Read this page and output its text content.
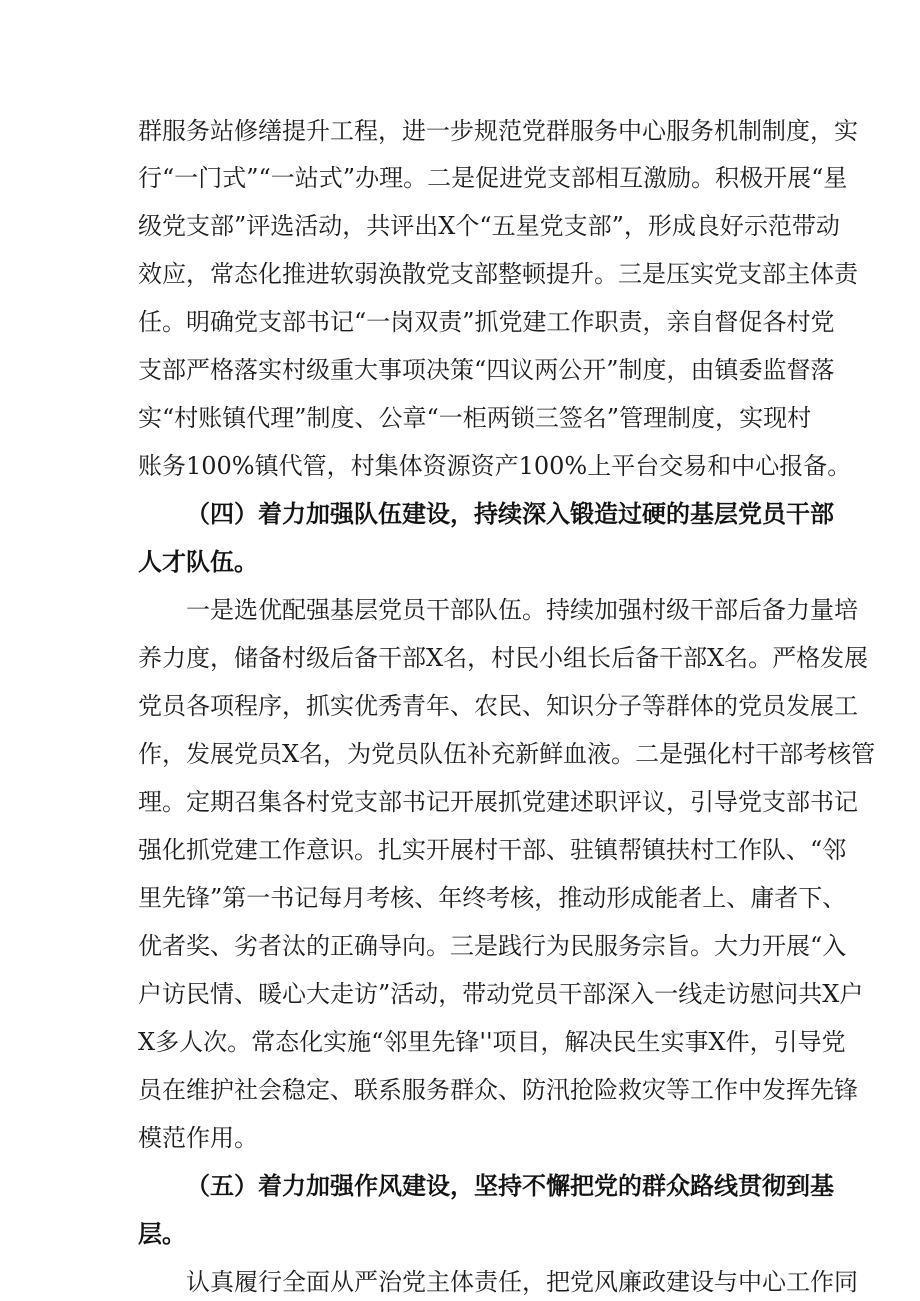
群服务站修缮提升工程，进一步规范党群服务中心服务机制制度，实

行“一门式”“一站式”办理。二是促进党支部相互激励。积极开展“星

级党支部”评选活动，共评出X个“五星党支部”，形成良好示范带动

效应，常态化推进软弱涣散党支部整顿提升。三是压实党支部主体责

任。明确党支部书记“一岗双责”抓党建工作职责，亲自督促各村党

支部严格落实村级重大事项决策“四议两公开”制度，由镇委监督落

实“村账镇代理”制度、公章“一柜两锁三签名”管理制度，实现村

账务100%镇代管，村集体资源资产100%上平台交易和中心报备。

（四）着力加强队伍建设，持续深入锻造过硬的基层党员干部

人才队伍。

一是选优配强基层党员干部队伍。持续加强村级干部后备力量培

养力度，储备村级后备干部X名，村民小组长后备干部X名。严格发展

党员各项程序，抓实优秀青年、农民、知识分子等群体的党员发展工

作，发展党员X名，为党员队伍补充新鲜血液。二是强化村干部考核管

理。定期召集各村党支部书记开展抓党建述职评议，引导党支部书记

强化抓党建工作意识。扎实开展村干部、驻镇帮镇扶村工作队、“邻

里先锋”第一书记每月考核、年终考核，推动形成能者上、庸者下、

优者奖、劣者汰的正确导向。三是践行为民服务宗旨。大力开展“入

户访民情、暖心大走访”活动，带动党员干部深入一线走访慰问共X户

X多人次。常态化实施“邻里先锋''项目，解决民生实事X件，引导党

员在维护社会稳定、联系服务群众、防汛抢险救灾等工作中发挥先锋

模范作用。

（五）着力加强作风建设，坚持不懈把党的群众路线贯彻到基

层。

认真履行全面从严治党主体责任，把党风廉政建设与中心工作同
